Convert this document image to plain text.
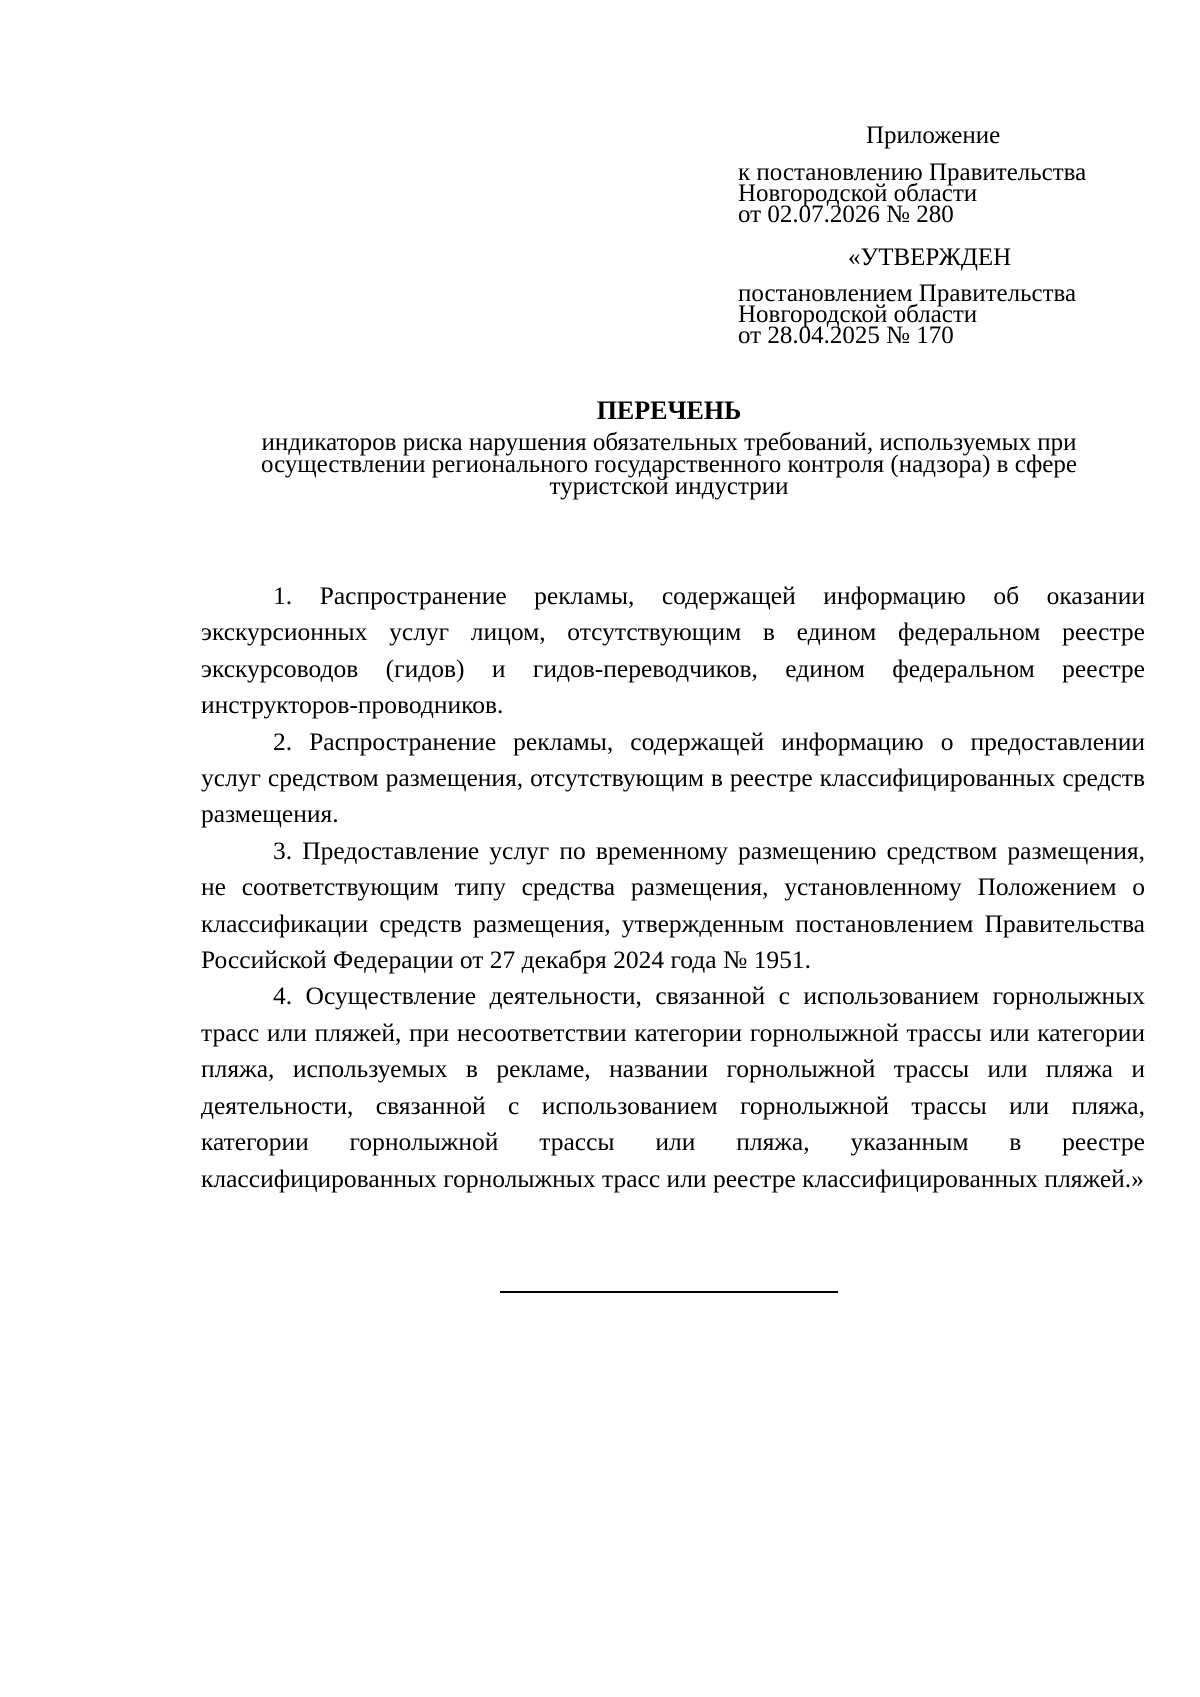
Приложение
к постановлению Правительства
Новгородской области
от 02.07.2026 № 280
«УТВЕРЖДЕН
постановлением Правительства
Новгородской области
от 28.04.2025 № 170
ПЕРЕЧЕНЬ
индикаторов риска нарушения обязательных требований, используемых при
осуществлении регионального государственного контроля (надзора) в сфере
туристской индустрии

1. Распространение рекламы, содержащей информацию об оказании экскурсионных услуг лицом, отсутствующим в едином федеральном реестре экскурсоводов (гидов) и гидов-переводчиков, едином федеральном реестре инструкторов-проводников.

2. Распространение рекламы, содержащей информацию о предоставлении услуг средством размещения, отсутствующим в реестре классифицированных средств размещения.

3. Предоставление услуг по временному размещению средством размещения, не соответствующим типу средства размещения, установленному Положением о классификации средств размещения, утвержденным постановлением Правительства Российской Федерации от 27 декабря 2024 года № 1951.

4. Осуществление деятельности, связанной с использованием горнолыжных трасс или пляжей, при несоответствии категории горнолыжной трассы или категории пляжа, используемых в рекламе, названии горнолыжной трассы или пляжа и деятельности, связанной с использованием горнолыжной трассы или пляжа, категории горнолыжной трассы или пляжа, указанным в реестре классифицированных горнолыжных трасс или реестре классифицированных пляжей.»
